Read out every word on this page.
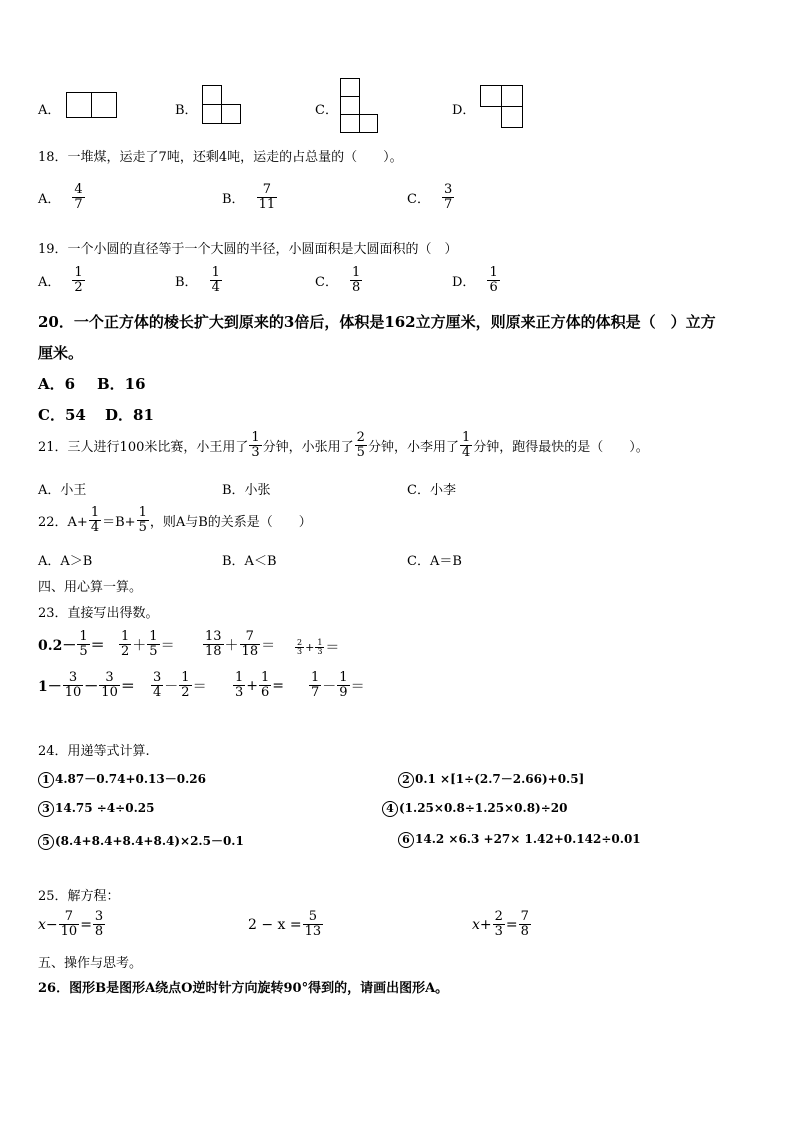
A．	B．	C．	D．
18．一堆煤，运走了7吨，还剩4吨，运走的占总量的（　　）。
A． $\frac{4}{7}$	B． $\frac{7}{11}$	C． $\frac{3}{7}$
19．一个小圆的直径等于一个大圆的半径，小圆面积是大圆面积的（　）
A． $\frac{1}{2}$	B． $\frac{1}{4}$	C． $\frac{1}{8}$	D． $\frac{1}{6}$
20．一个正方体的棱长扩大到原来的3倍后，体积是162立方厘米，则原来正方体的体积是（　）立方
厘米。
A．6 B．16
C．54 D．81
21．三人进行100米比赛，小王用了 $\frac{1}{3}$ 分钟，小张用了 $\frac{2}{5}$ 分钟，小李用了 $\frac{1}{4}$ 分钟，跑得最快的是（　　）。
A．小王	B．小张	C．小李
22．$A+ \frac{1}{4} =B+ \frac{1}{5}$ ，则A与B的关系是（　　）
A．A＞B	B．A＜B	C．A＝B
四、用心算一算。
23．直接写出得数。
$0.2- \frac{1}{5} = \frac{1}{2} + \frac{1}{5} = \frac{13}{18} + \frac{7}{18} = \frac{2}{3} + \frac{1}{3}$ ＝
$1- \frac{3}{10} - \frac{3}{10} = \frac{3}{4} - \frac{1}{2} = \frac{1}{3} + \frac{1}{6} = \frac{1}{7} - \frac{1}{9}$ ＝
24．用递等式计算.
1 4.87－0.74+0.13－0.26	2 0.1 ×[1÷(2.7－2.66)+0.5]
3 14.75 ÷4÷0.25	4 (1.25×0.8÷1.25×0.8)÷20
5 (8.4+8.4+8.4+8.4)×2.5－0.1	6 14.2 ×6.3 +27× 1.42+0.142÷0.01
25．解方程：
$x- \frac{7}{10} = \frac{3}{8}$	$2 - x = \frac{5}{13}$	$x+ \frac{2}{3} = \frac{7}{8}$
五、操作与思考。
26．图形B是图形A绕点O逆时针方向旋转90°得到的，请画出图形A。
